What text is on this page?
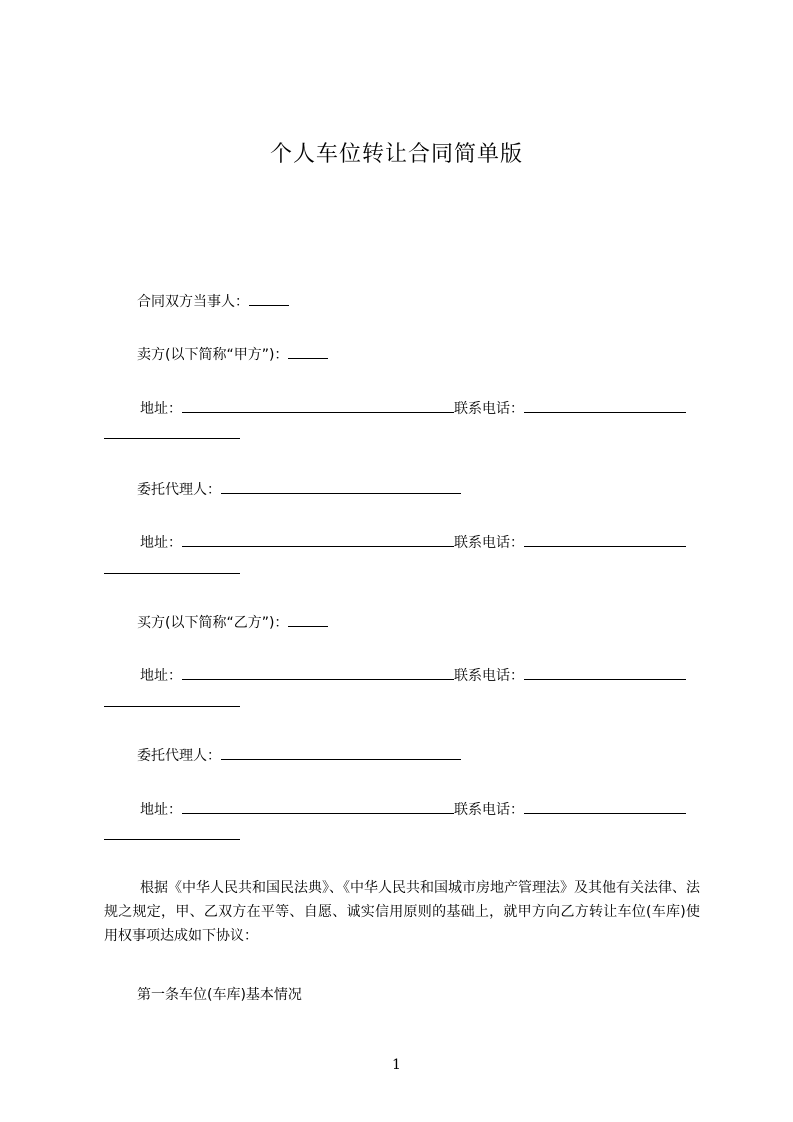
个人车位转让合同简单版
合同双方当事人：
卖方(以下简称“甲方”)：
地址：	联系电话：
委托代理人：
地址：	联系电话：
买方(以下简称“乙方”)：
地址：	联系电话：
委托代理人：
地址：	联系电话：
根据《中华人民共和国民法典》、《中华人民共和国城市房地产管理法》及其他有关法律、法规之规定，甲、乙双方在平等、自愿、诚实信用原则的基础上，就甲方向乙方转让车位(车库)使用权事项达成如下协议：
第一条车位(车库)基本情况
1
